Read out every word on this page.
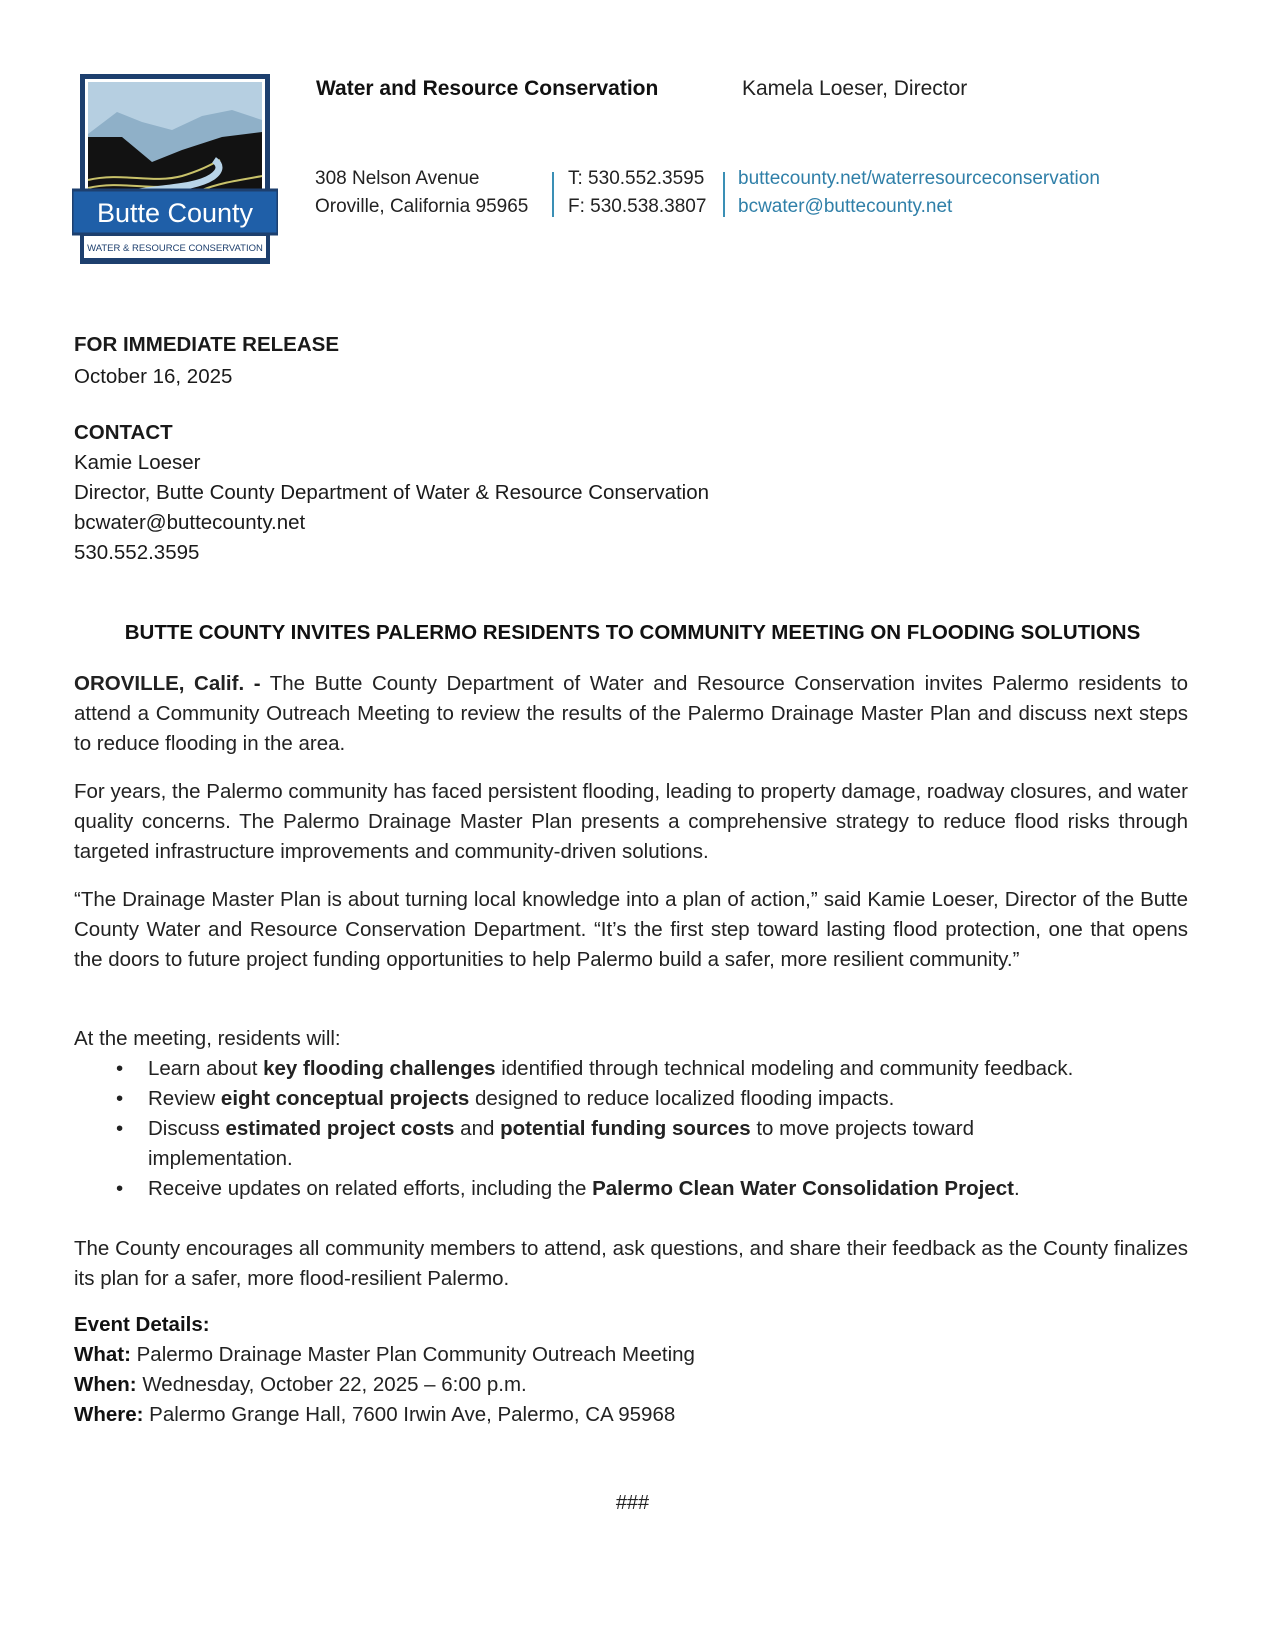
Butte County
WATER & RESOURCE CONSERVATION
Water and Resource Conservation	Kamela Loeser, Director
308 Nelson Avenue
Oroville, California 95965
T: 530.552.3595
F: 530.538.3807
buttecounty.net/waterresourceconservation
bcwater@buttecounty.net
FOR IMMEDIATE RELEASE
October 16, 2025
CONTACT
Kamie Loeser
Director, Butte County Department of Water & Resource Conservation
bcwater@buttecounty.net
530.552.3595
BUTTE COUNTY INVITES PALERMO RESIDENTS TO COMMUNITY MEETING ON FLOODING SOLUTIONS
OROVILLE, Calif. - The Butte County Department of Water and Resource Conservation invites Palermo residents to attend a Community Outreach Meeting to review the results of the Palermo Drainage Master Plan and discuss next steps to reduce flooding in the area.
For years, the Palermo community has faced persistent flooding, leading to property damage, roadway closures, and water quality concerns. The Palermo Drainage Master Plan presents a comprehensive strategy to reduce flood risks through targeted infrastructure improvements and community-driven solutions.
“The Drainage Master Plan is about turning local knowledge into a plan of action,” said Kamie Loeser, Director of the Butte County Water and Resource Conservation Department. “It’s the first step toward lasting flood protection, one that opens the doors to future project funding opportunities to help Palermo build a safer, more resilient community.”
At the meeting, residents will:
• Learn about key flooding challenges identified through technical modeling and community feedback.
• Review eight conceptual projects designed to reduce localized flooding impacts.
• Discuss estimated project costs and potential funding sources to move projects toward implementation.
• Receive updates on related efforts, including the Palermo Clean Water Consolidation Project.
The County encourages all community members to attend, ask questions, and share their feedback as the County finalizes its plan for a safer, more flood-resilient Palermo.
Event Details:
What: Palermo Drainage Master Plan Community Outreach Meeting
When: Wednesday, October 22, 2025 – 6:00 p.m.
Where: Palermo Grange Hall, 7600 Irwin Ave, Palermo, CA 95968
###
